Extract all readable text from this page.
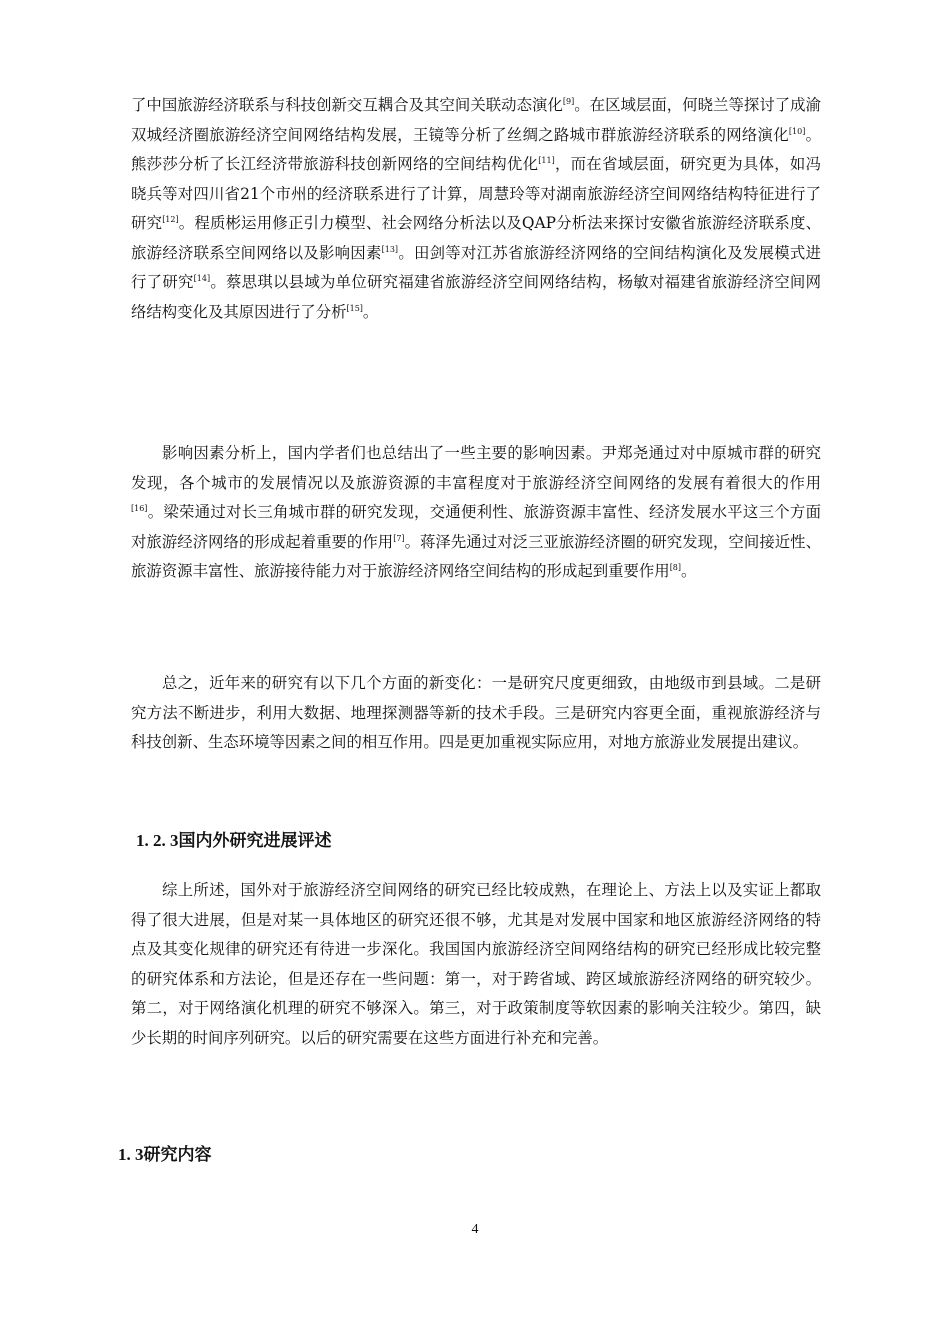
了中国旅游经济联系与科技创新交互耦合及其空间关联动态演化[9]。在区域层面，何晓兰等探讨了成渝双城经济圈旅游经济空间网络结构发展，王镜等分析了丝绸之路城市群旅游经济联系的网络演化[10]。熊莎莎分析了长江经济带旅游科技创新网络的空间结构优化[11]，而在省域层面，研究更为具体，如冯晓兵等对四川省21个市州的经济联系进行了计算，周慧玲等对湖南旅游经济空间网络结构特征进行了研究[12]。程质彬运用修正引力模型、社会网络分析法以及QAP分析法来探讨安徽省旅游经济联系度、旅游经济联系空间网络以及影响因素[13]。田剑等对江苏省旅游经济网络的空间结构演化及发展模式进行了研究[14]。蔡思琪以县域为单位研究福建省旅游经济空间网络结构，杨敏对福建省旅游经济空间网络结构变化及其原因进行了分析[15]。

影响因素分析上，国内学者们也总结出了一些主要的影响因素。尹郑尧通过对中原城市群的研究发现，各个城市的发展情况以及旅游资源的丰富程度对于旅游经济空间网络的发展有着很大的作用[16]。梁荣通过对长三角城市群的研究发现，交通便利性、旅游资源丰富性、经济发展水平这三个方面对旅游经济网络的形成起着重要的作用[7]。蒋泽先通过对泛三亚旅游经济圈的研究发现，空间接近性、旅游资源丰富性、旅游接待能力对于旅游经济网络空间结构的形成起到重要作用[8]。

总之，近年来的研究有以下几个方面的新变化：一是研究尺度更细致，由地级市到县域。二是研究方法不断进步，利用大数据、地理探测器等新的技术手段。三是研究内容更全面，重视旅游经济与科技创新、生态环境等因素之间的相互作用。四是更加重视实际应用，对地方旅游业发展提出建议。

1. 2. 3国内外研究进展评述

综上所述，国外对于旅游经济空间网络的研究已经比较成熟，在理论上、方法上以及实证上都取得了很大进展，但是对某一具体地区的研究还很不够，尤其是对发展中国家和地区旅游经济网络的特点及其变化规律的研究还有待进一步深化。我国国内旅游经济空间网络结构的研究已经形成比较完整的研究体系和方法论，但是还存在一些问题：第一，对于跨省域、跨区域旅游经济网络的研究较少。第二，对于网络演化机理的研究不够深入。第三，对于政策制度等软因素的影响关注较少。第四，缺少长期的时间序列研究。以后的研究需要在这些方面进行补充和完善。

1. 3研究内容
4
